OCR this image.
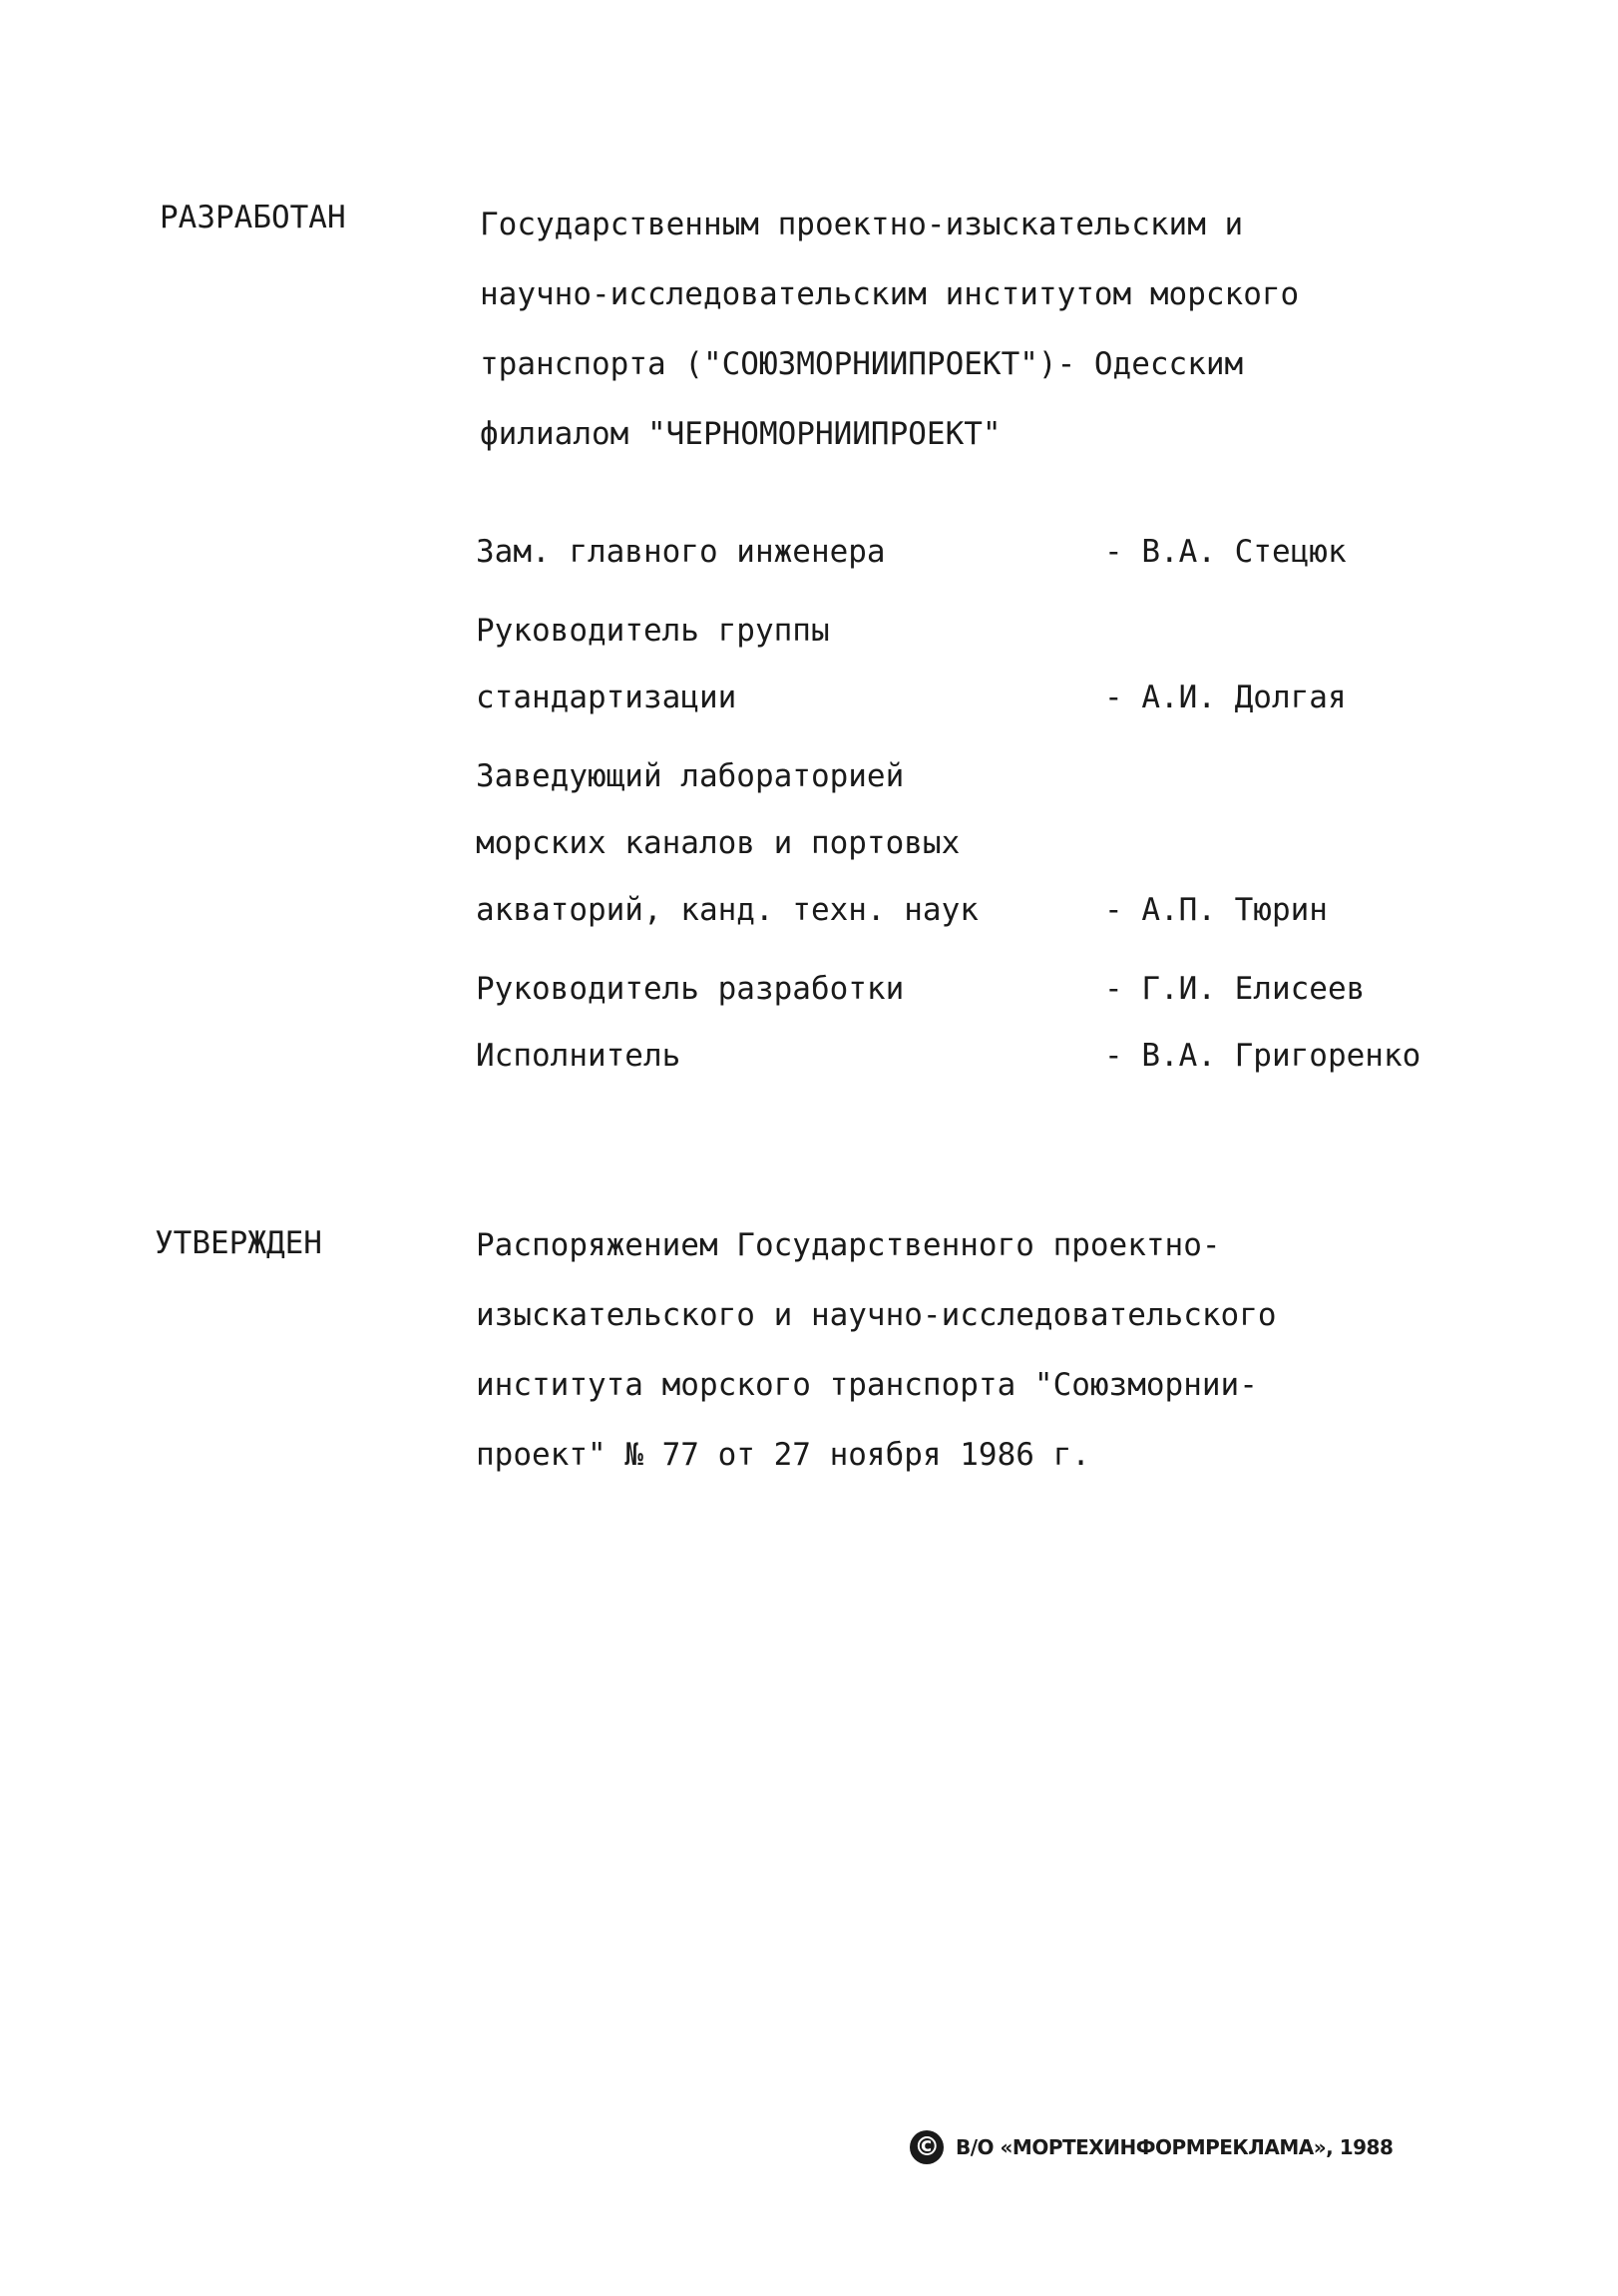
РАЗРАБОТАН	Государственным проектно-изыскательским и
научно-исследовательским институтом морского
транспорта ("СОЮЗМОРНИИПРОЕКТ")- Одесским
филиалом "ЧЕРНОМОРНИИПРОЕКТ"
Зам. главного инженера	- В.А. Стецюк
Руководитель группы
стандартизации	- А.И. Долгая
Заведующий лабораторией
морских каналов и портовых
акваторий, канд. техн. наук	- А.П. Тюрин
Руководитель разработки	- Г.И. Елисеев
Исполнитель	- В.А. Григоренко
УТВЕРЖДЕН	Распоряжением Государственного проектно-
изыскательского и научно-исследовательского
института морского транспорта "Союзморнии-
проект" № 77 от 27 ноября 1986 г.
© В/О «МОРТЕХИНФОРМРЕКЛАМА», 1988
